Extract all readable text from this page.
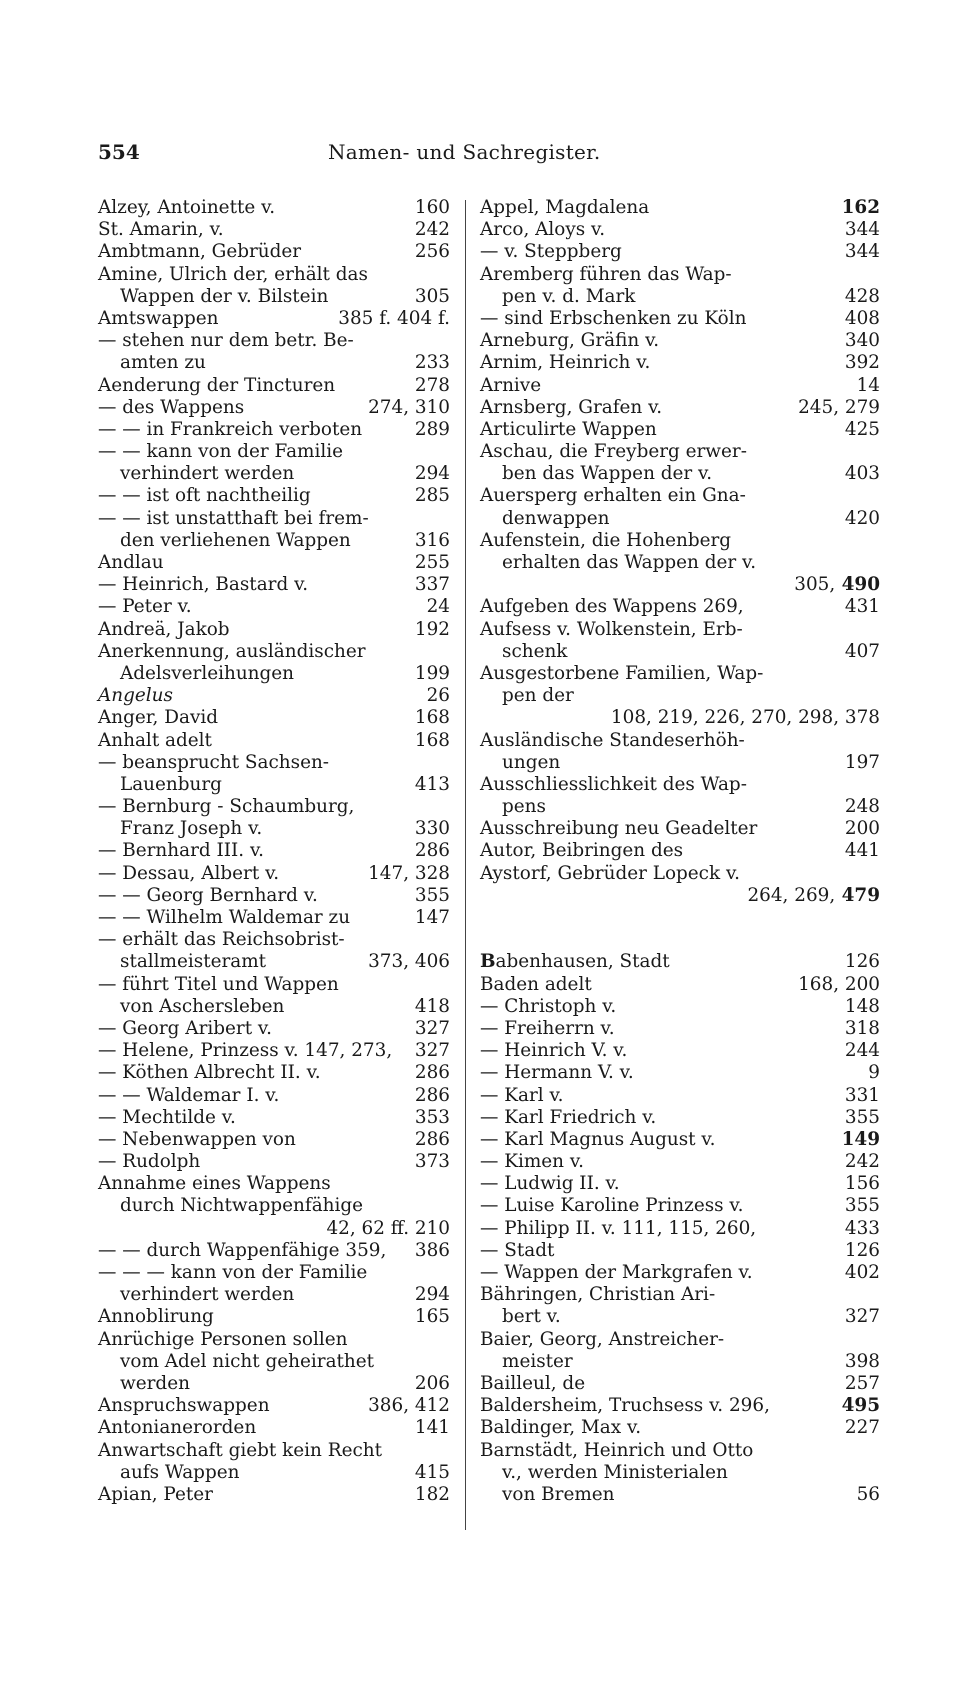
554	Namen- und Sachregister.
Alzey, Antoinette v.	160
St. Amarin, v.	242
Ambtmann, Gebrüder	256
Amine, Ulrich der, erhält das
Wappen der v. Bilstein	305
Amtswappen	385 f. 404 f.
— stehen nur dem betr. Be-
amten zu	233
Aenderung der Tincturen	278
— des Wappens	274, 310
— — in Frankreich verboten	289
— — kann von der Familie
verhindert werden	294
— — ist oft nachtheilig	285
— — ist unstatthaft bei frem-
den verliehenen Wappen	316
Andlau	255
— Heinrich, Bastard v.	337
— Peter v.	24
Andreä, Jakob	192
Anerkennung, ausländischer
Adelsverleihungen	199
Angelus	26
Anger, David	168
Anhalt adelt	168
— beansprucht Sachsen-
Lauenburg	413
— Bernburg - Schaumburg,
Franz Joseph v.	330
— Bernhard III. v.	286
— Dessau, Albert v.	147, 328
— — Georg Bernhard v.	355
— — Wilhelm Waldemar zu	147
— erhält das Reichsobrist-
stallmeisteramt	373, 406
— führt Titel und Wappen
von Aschersleben	418
— Georg Aribert v.	327
— Helene, Prinzess v. 147, 273, 327
— Köthen Albrecht II. v.	286
— — Waldemar I. v.	286
— Mechtilde v.	353
— Nebenwappen von	286
— Rudolph	373
Annahme eines Wappens
durch Nichtwappenfähige
42, 62 ff. 210
— — durch Wappenfähige 359, 386
— — — kann von der Familie
verhindert werden	294
Annoblirung	165
Anrüchige Personen sollen
vom Adel nicht geheirathet
werden	206
Anspruchswappen	386, 412
Antonianerorden	141
Anwartschaft giebt kein Recht
aufs Wappen	415
Apian, Peter	182
Appel, Magdalena	162
Arco, Aloys v.	344
— v. Steppberg	344
Aremberg führen das Wap-
pen v. d. Mark	428
— sind Erbschenken zu Köln	408
Arneburg, Gräfin v.	340
Arnim, Heinrich v.	392
Arnive	14
Arnsberg, Grafen v.	245, 279
Articulirte Wappen	425
Aschau, die Freyberg erwer-
ben das Wappen der v.	403
Auersperg erhalten ein Gna-
denwappen	420
Aufenstein, die Hohenberg
erhalten das Wappen der v.
305, 490
Aufgeben des Wappens 269,	431
Aufsess v. Wolkenstein, Erb-
schenk	407
Ausgestorbene Familien, Wap-
pen der
108, 219, 226, 270, 298, 378
Ausländische Standeserhöh-
ungen	197
Ausschliesslichkeit des Wap-
pens	248
Ausschreibung neu Geadelter	200
Autor, Beibringen des	441
Aystorf, Gebrüder Lopeck v.
264, 269, 479
Babenhausen, Stadt	126
Baden adelt	168, 200
— Christoph v.	148
— Freiherrn v.	318
— Heinrich V. v.	244
— Hermann V. v.	9
— Karl v.	331
— Karl Friedrich v.	355
— Karl Magnus August v.	149
— Kimen v.	242
— Ludwig II. v.	156
— Luise Karoline Prinzess v.	355
— Philipp II. v. 111, 115, 260,	433
— Stadt	126
— Wappen der Markgrafen v.	402
Bähringen, Christian Ari-
bert v.	327
Baier, Georg, Anstreicher-
meister	398
Bailleul, de	257
Baldersheim, Truchsess v. 296,	495
Baldinger, Max v.	227
Barnstädt, Heinrich und Otto
v., werden Ministerialen
von Bremen	56
